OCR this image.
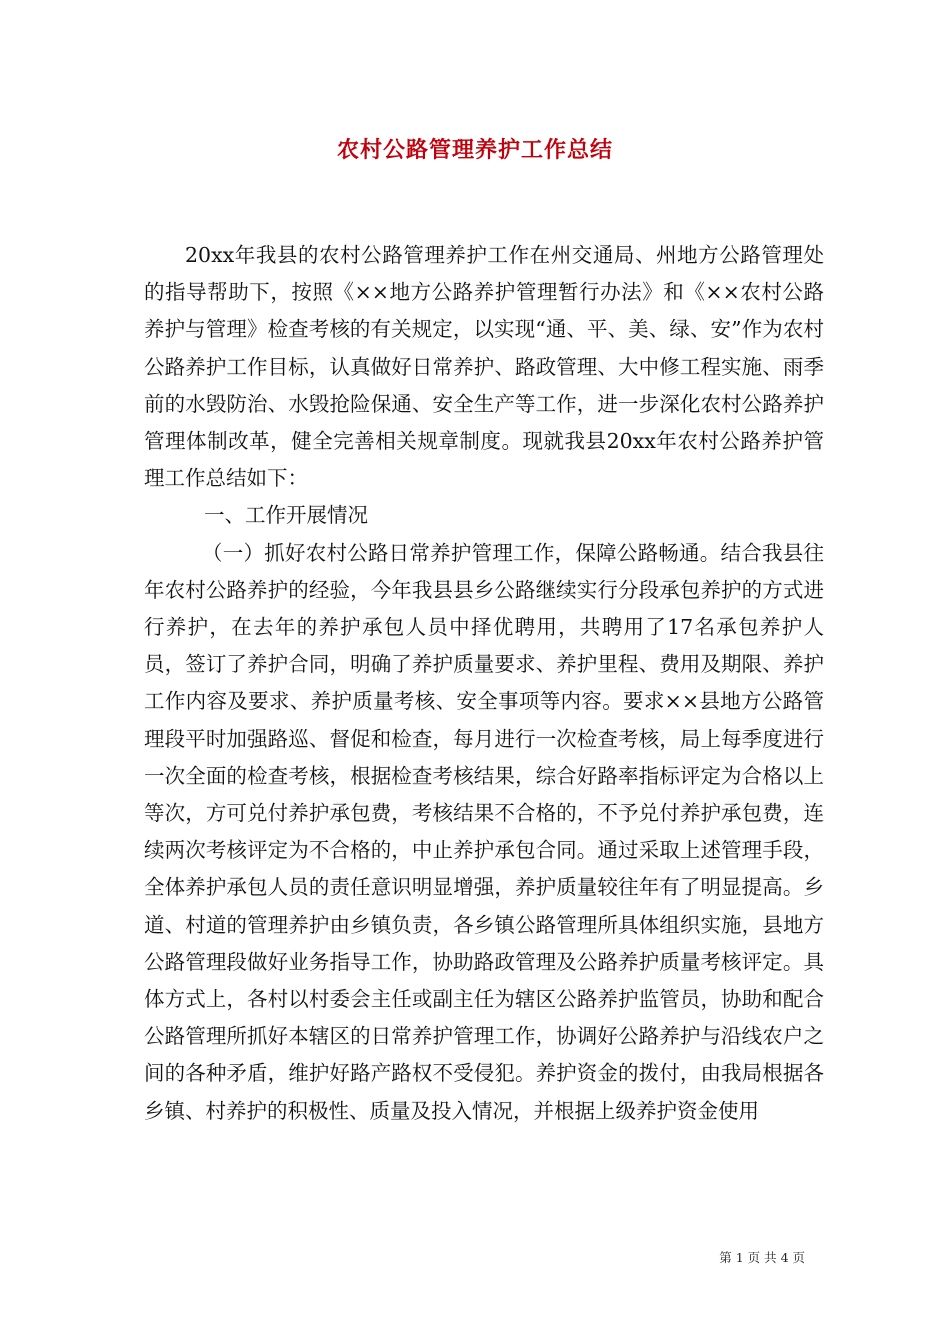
农村公路管理养护工作总结

20xx年我县的农村公路管理养护工作在州交通局、州地方公路管理处的指导帮助下，按照《××地方公路养护管理暂行办法》和《××农村公路养护与管理》检查考核的有关规定，以实现“通、平、美、绿、安”作为农村公路养护工作目标，认真做好日常养护、路政管理、大中修工程实施、雨季前的水毁防治、水毁抢险保通、安全生产等工作，进一步深化农村公路养护管理体制改革，健全完善相关规章制度。现就我县20xx年农村公路养护管理工作总结如下：

一、工作开展情况

（一）抓好农村公路日常养护管理工作，保障公路畅通。结合我县往年农村公路养护的经验，今年我县县乡公路继续实行分段承包养护的方式进行养护，在去年的养护承包人员中择优聘用，共聘用了17名承包养护人员，签订了养护合同，明确了养护质量要求、养护里程、费用及期限、养护工作内容及要求、养护质量考核、安全事项等内容。要求××县地方公路管理段平时加强路巡、督促和检查，每月进行一次检查考核，局上每季度进行一次全面的检查考核，根据检查考核结果，综合好路率指标评定为合格以上等次，方可兑付养护承包费，考核结果不合格的，不予兑付养护承包费，连续两次考核评定为不合格的，中止养护承包合同。通过采取上述管理手段，全体养护承包人员的责任意识明显增强，养护质量较往年有了明显提高。乡道、村道的管理养护由乡镇负责，各乡镇公路管理所具体组织实施，县地方公路管理段做好业务指导工作，协助路政管理及公路养护质量考核评定。具体方式上，各村以村委会主任或副主任为辖区公路养护监管员，协助和配合公路管理所抓好本辖区的日常养护管理工作，协调好公路养护与沿线农户之间的各种矛盾，维护好路产路权不受侵犯。养护资金的拨付，由我局根据各乡镇、村养护的积极性、质量及投入情况，并根据上级养护资金使用

第 1 页 共 4 页
